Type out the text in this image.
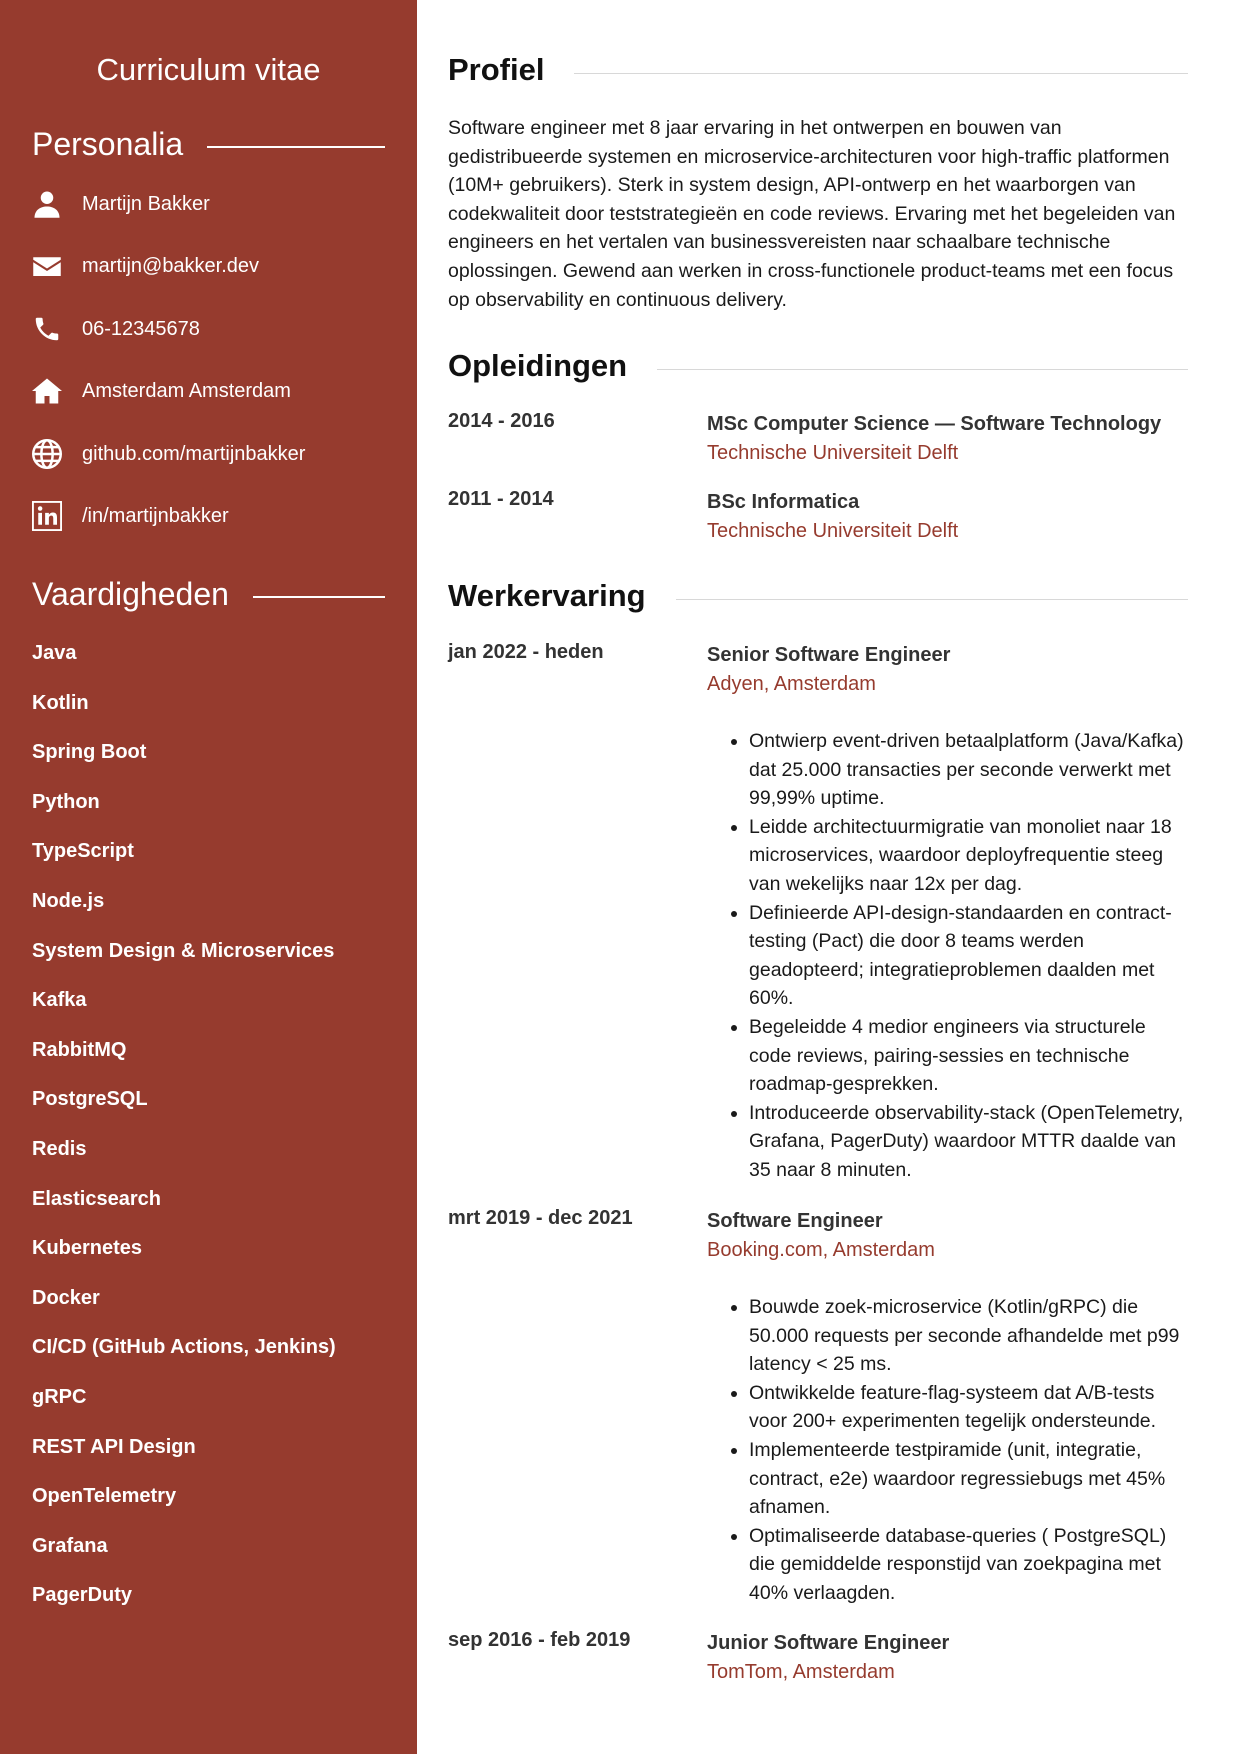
Curriculum vitae
Personalia
Martijn Bakker
martijn@bakker.dev
06-12345678
Amsterdam Amsterdam
github.com/martijnbakker
/in/martijnbakker
Vaardigheden
Java
Kotlin
Spring Boot
Python
TypeScript
Node.js
System Design & Microservices
Kafka
RabbitMQ
PostgreSQL
Redis
Elasticsearch
Kubernetes
Docker
CI/CD (GitHub Actions, Jenkins)
gRPC
REST API Design
OpenTelemetry
Grafana
PagerDuty
Profiel
Software engineer met 8 jaar ervaring in het ontwerpen en bouwen van gedistribueerde systemen en microservice-architecturen voor high-traffic platformen (10M+ gebruikers). Sterk in system design, API-ontwerp en het waarborgen van codekwaliteit door teststrategieën en code reviews. Ervaring met het begeleiden van engineers en het vertalen van businessvereisten naar schaalbare technische oplossingen. Gewend aan werken in cross-functionele product-teams met een focus op observability en continuous delivery.
Opleidingen
2014 - 2016	MSc Computer Science — Software Technology
Technische Universiteit Delft
2011 - 2014	BSc Informatica
Technische Universiteit Delft
Werkervaring
jan 2022 - heden	Senior Software Engineer
Adyen, Amsterdam
• Ontwierp event-driven betaalplatform (Java/Kafka) dat 25.000 transacties per seconde verwerkt met 99,99% uptime.
• Leidde architectuurmigratie van monoliet naar 18 microservices, waardoor deployfrequentie steeg van wekelijks naar 12x per dag.
• Definieerde API-design-standaarden en contract-testing (Pact) die door 8 teams werden geadopteerd; integratieproblemen daalden met 60%.
• Begeleidde 4 medior engineers via structurele code reviews, pairing-sessies en technische roadmap-gesprekken.
• Introduceerde observability-stack (OpenTelemetry, Grafana, PagerDuty) waardoor MTTR daalde van 35 naar 8 minuten.
mrt 2019 - dec 2021	Software Engineer
Booking.com, Amsterdam
• Bouwde zoek-microservice (Kotlin/gRPC) die 50.000 requests per seconde afhandelde met p99 latency < 25 ms.
• Ontwikkelde feature-flag-systeem dat A/B-tests voor 200+ experimenten tegelijk ondersteunde.
• Implementeerde testpiramide (unit, integratie, contract, e2e) waardoor regressiebugs met 45% afnamen.
• Optimaliseerde database-queries ( PostgreSQL) die gemiddelde responstijd van zoekpagina met 40% verlaagden.
sep 2016 - feb 2019	Junior Software Engineer
TomTom, Amsterdam
